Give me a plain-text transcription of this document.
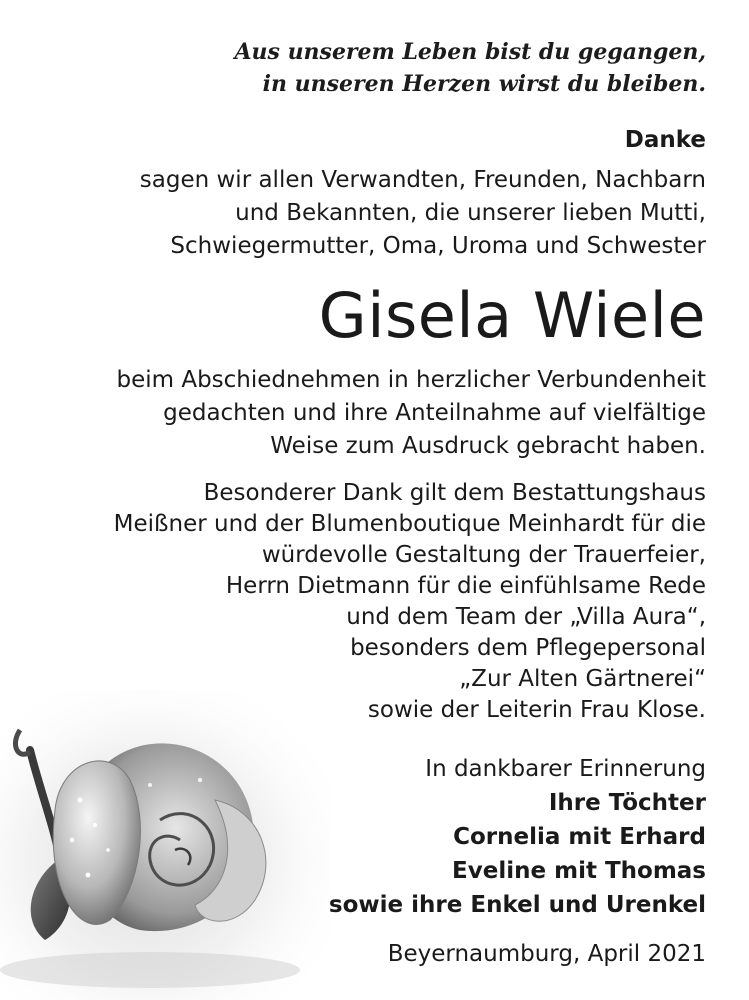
Aus unserem Leben bist du gegangen,
in unseren Herzen wirst du bleiben.
Danke
sagen wir allen Verwandten, Freunden, Nachbarn
und Bekannten, die unserer lieben Mutti,
Schwiegermutter, Oma, Uroma und Schwester
Gisela Wiele
beim Abschiednehmen in herzlicher Verbundenheit
gedachten und ihre Anteilnahme auf vielfältige
Weise zum Ausdruck gebracht haben.
Besonderer Dank gilt dem Bestattungshaus
Meißner und der Blumenboutique Meinhardt für die
würdevolle Gestaltung der Trauerfeier,
Herrn Dietmann für die einfühlsame Rede
und dem Team der „Villa Aura“,
besonders dem Pflegepersonal
„Zur Alten Gärtnerei“
sowie der Leiterin Frau Klose.
In dankbarer Erinnerung
Ihre Töchter
Cornelia mit Erhard
Eveline mit Thomas
sowie ihre Enkel und Urenkel
Beyernaumburg, April 2021
